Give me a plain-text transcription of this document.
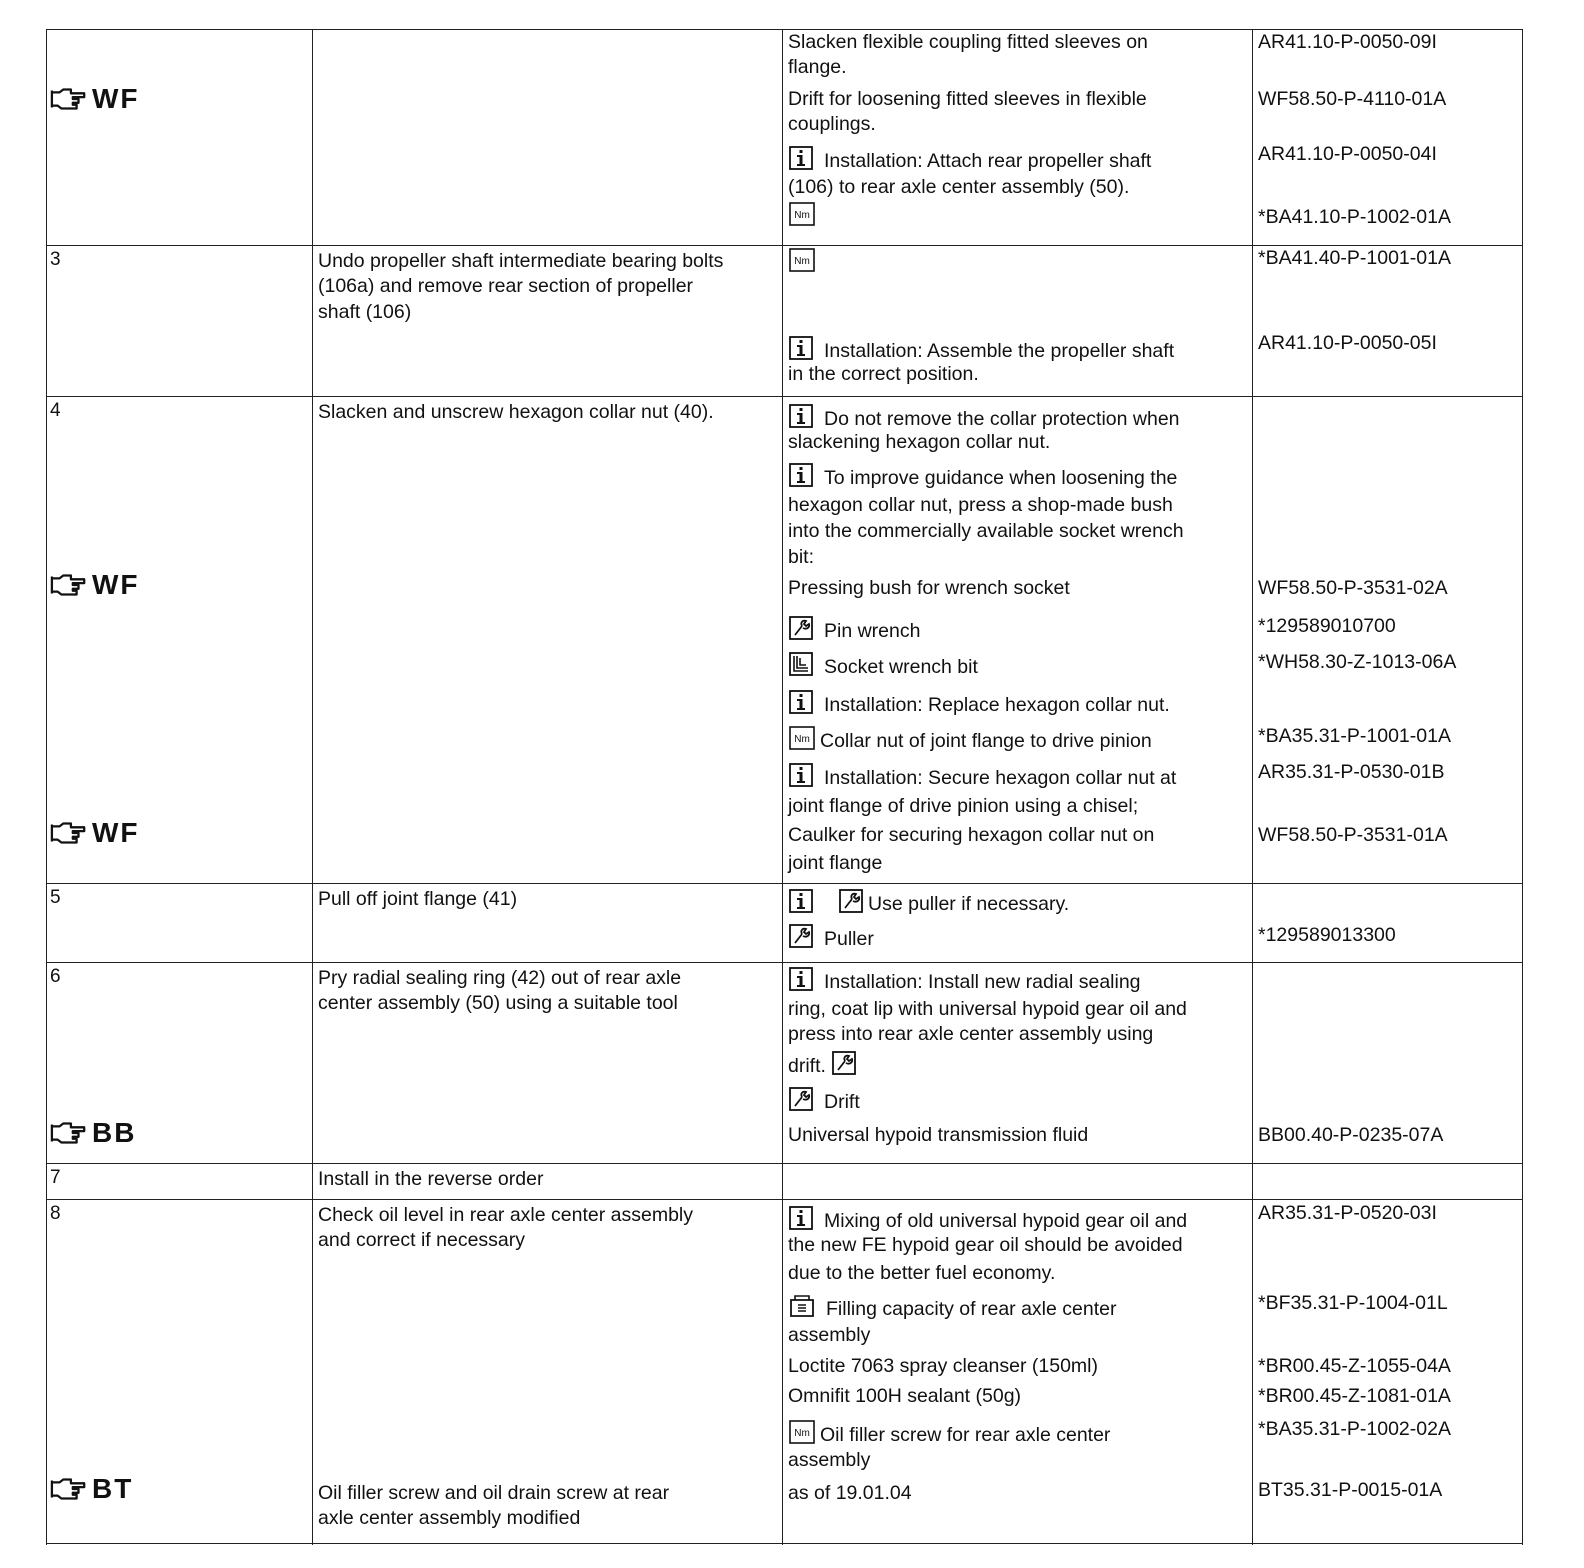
WF
3
4
WF
WF
5
6
BB
7
8
BT
Undo propeller shaft intermediate bearing bolts
(106a) and remove rear section of propeller
shaft (106)
Slacken and unscrew hexagon collar nut (40).
Pull off joint flange (41)
Pry radial sealing ring (42) out of rear axle
center assembly (50) using a suitable tool
Install in the reverse order
Check oil level in rear axle center assembly
and correct if necessary
Oil filler screw and oil drain screw at rear
axle center assembly modified
Slacken flexible coupling fitted sleeves on
flange.
Drift for loosening fitted sleeves in flexible
couplings.
Installation: Attach rear propeller shaft
(106) to rear axle center assembly (50).
Installation: Assemble the propeller shaft
in the correct position.
Do not remove the collar protection when
slackening hexagon collar nut.
To improve guidance when loosening the
hexagon collar nut, press a shop-made bush
into the commercially available socket wrench
bit:
Pressing bush for wrench socket
Pin wrench
Socket wrench bit
Installation: Replace hexagon collar nut.
Collar nut of joint flange to drive pinion
Installation: Secure hexagon collar nut at
joint flange of drive pinion using a chisel;
Caulker for securing hexagon collar nut on
joint flange
Use puller if necessary.
Puller
Installation: Install new radial sealing
ring, coat lip with universal hypoid gear oil and
press into rear axle center assembly using
drift.
Drift
Universal hypoid transmission fluid
Mixing of old universal hypoid gear oil and
the new FE hypoid gear oil should be avoided
due to the better fuel economy.
Filling capacity of rear axle center
assembly
Loctite 7063 spray cleanser (150ml)
Omnifit 100H sealant (50g)
Oil filler screw for rear axle center
assembly
as of 19.01.04
AR41.10-P-0050-09I
WF58.50-P-4110-01A
AR41.10-P-0050-04I
*BA41.10-P-1002-01A
*BA41.40-P-1001-01A
AR41.10-P-0050-05I
WF58.50-P-3531-02A
*129589010700
*WH58.30-Z-1013-06A
*BA35.31-P-1001-01A
AR35.31-P-0530-01B
WF58.50-P-3531-01A
*129589013300
BB00.40-P-0235-07A
AR35.31-P-0520-03I
*BF35.31-P-1004-01L
*BR00.45-Z-1055-04A
*BR00.45-Z-1081-01A
*BA35.31-P-1002-02A
BT35.31-P-0015-01A
